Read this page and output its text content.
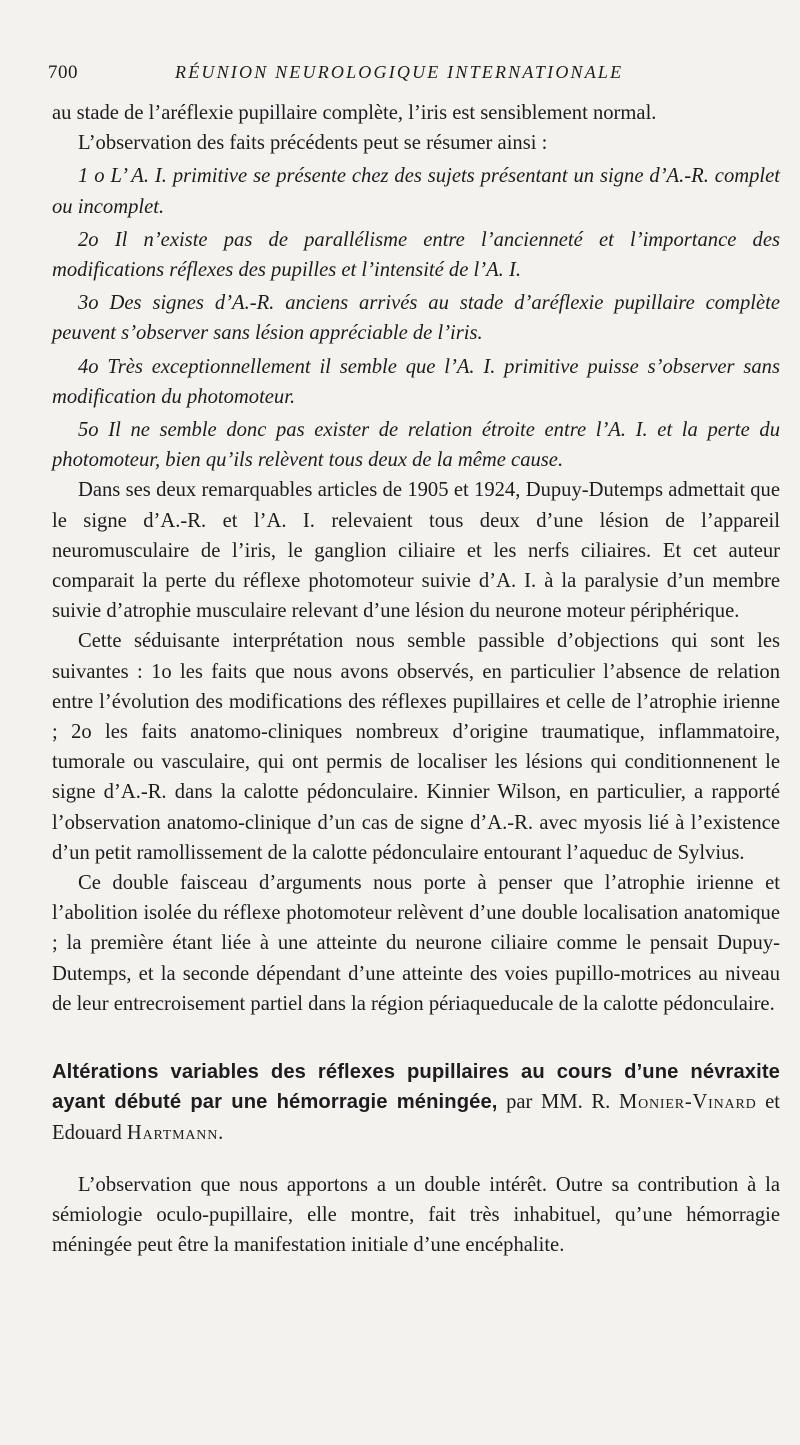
700	RÉUNION NEUROLOGIQUE INTERNATIONALE

au stade de l’aréflexie pupillaire complète, l’iris est sensiblement normal.

L’observation des faits précédents peut se résumer ainsi :

1 o L’ A. I. primitive se présente chez des sujets présentant un signe d’A.-R. complet ou incomplet.

2o Il n’existe pas de parallélisme entre l’ancienneté et l’importance des modifications réflexes des pupilles et l’intensité de l’A. I.

3o Des signes d’A.-R. anciens arrivés au stade d’aréflexie pupillaire complète peuvent s’observer sans lésion appréciable de l’iris.

4o Très exceptionnellement il semble que l’A. I. primitive puisse s’observer sans modification du photomoteur.

5o Il ne semble donc pas exister de relation étroite entre l’A. I. et la perte du photomoteur, bien qu’ils relèvent tous deux de la même cause.

Dans ses deux remarquables articles de 1905 et 1924, Dupuy-Dutemps admettait que le signe d’A.-R. et l’A. I. relevaient tous deux d’une lésion de l’appareil neuromusculaire de l’iris, le ganglion ciliaire et les nerfs ciliaires. Et cet auteur comparait la perte du réflexe photomoteur suivie d’A. I. à la paralysie d’un membre suivie d’atrophie musculaire relevant d’une lésion du neurone moteur périphérique.

Cette séduisante interprétation nous semble passible d’objections qui sont les suivantes : 1o les faits que nous avons observés, en particulier l’absence de relation entre l’évolution des modifications des réflexes pupillaires et celle de l’atrophie irienne ; 2o les faits anatomo-cliniques nombreux d’origine traumatique, inflammatoire, tumorale ou vasculaire, qui ont permis de localiser les lésions qui conditionnenent le signe d’A.-R. dans la calotte pédonculaire. Kinnier Wilson, en particulier, a rapporté l’observation anatomo-clinique d’un cas de signe d’A.-R. avec myosis lié à l’existence d’un petit ramollissement de la calotte pédonculaire entourant l’aqueduc de Sylvius.

Ce double faisceau d’arguments nous porte à penser que l’atrophie irienne et l’abolition isolée du réflexe photomoteur relèvent d’une double localisation anatomique ; la première étant liée à une atteinte du neurone ciliaire comme le pensait Dupuy-Dutemps, et la seconde dépendant d’une atteinte des voies pupillo-motrices au niveau de leur entrecroisement partiel dans la région périaqueducale de la calotte pédonculaire.

Altérations variables des réflexes pupillaires au cours d’une névraxite ayant débuté par une hémorragie méningée, par MM. R. Monier-Vinard et Edouard Hartmann.

L’observation que nous apportons a un double intérêt. Outre sa contribution à la sémiologie oculo-pupillaire, elle montre, fait très inhabituel, qu’une hémorragie méningée peut être la manifestation initiale d’une encéphalite.
